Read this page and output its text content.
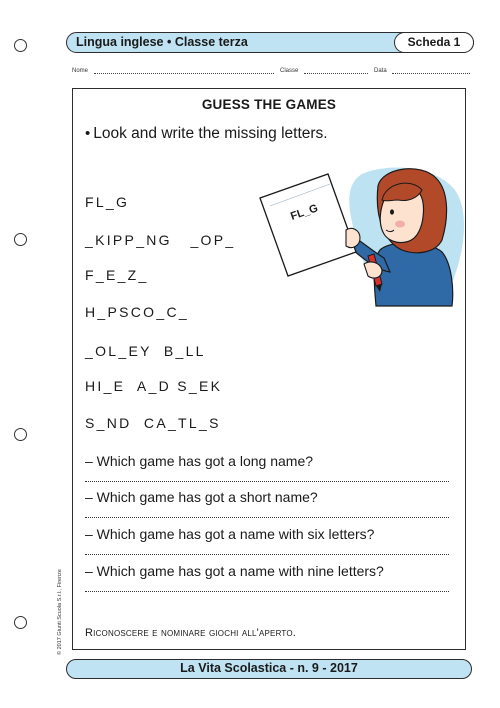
Lingua inglese • Classe terza	Scheda 1
Nome	Classe	Data
GUESS THE GAMES
• Look and write the missing letters.
FL_G
_KIPP_NG   _OP_
F_E_Z_
H_PSCO_C_
_OL_EY  B_LL
HI_E  A_D S_EK
S_ND  CA_TL_S
– Which game has got a long name?
– Which game has got a short name?
– Which game has got a name with six letters?
– Which game has got a name with nine letters?
Riconoscere e nominare giochi all'aperto.
FL_G
© 2017 Giunti Scuola S.r.l., Firenze
La Vita Scolastica - n. 9 - 2017
